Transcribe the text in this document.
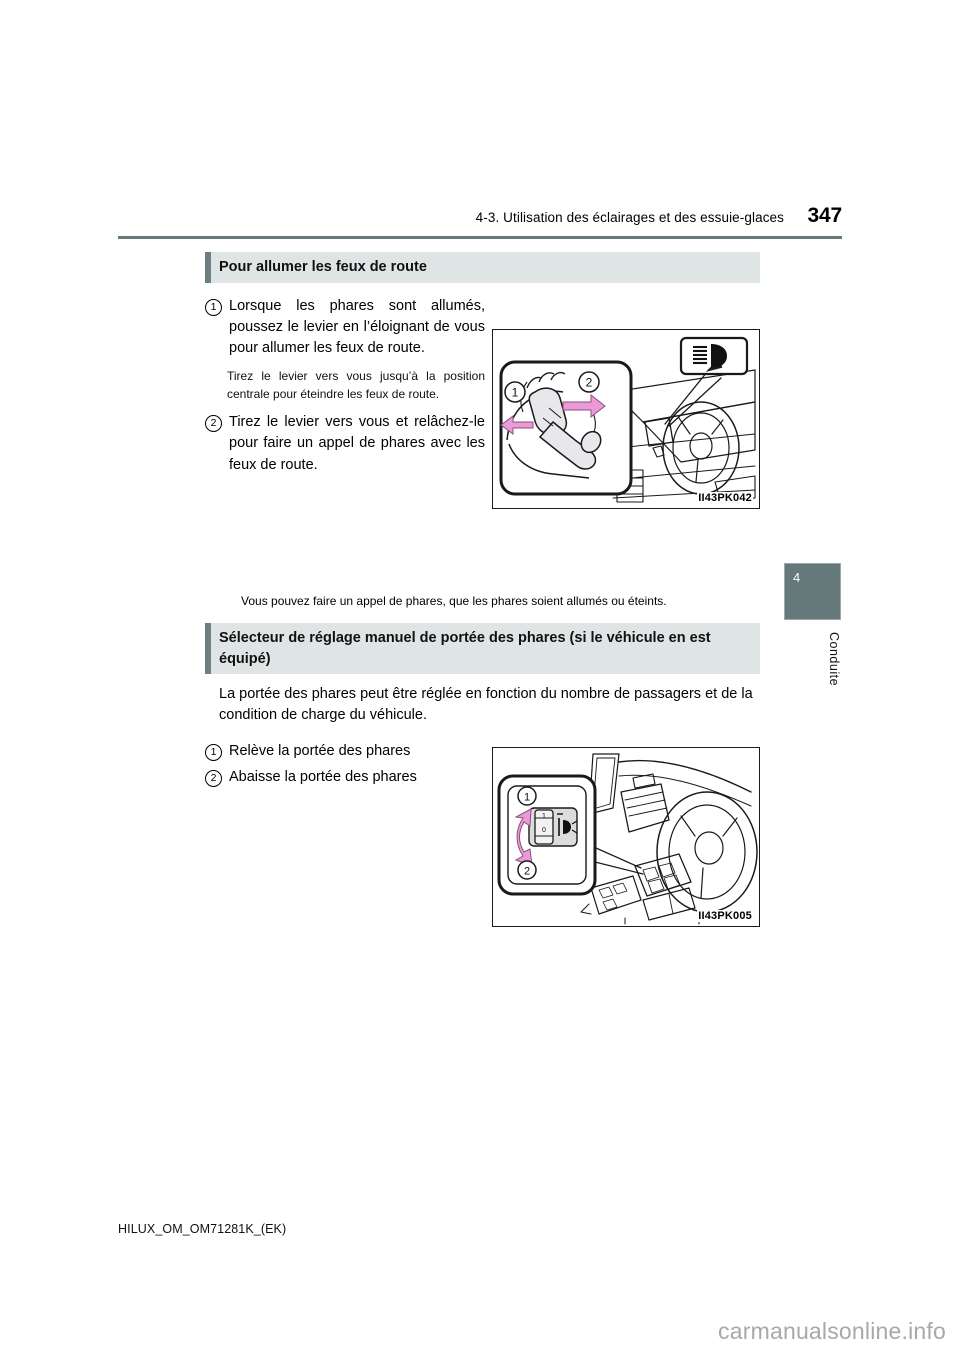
4-3. Utilisation des éclairages et des essuie-glaces 347
4
Conduite
Pour allumer les feux de route
1 Lorsque les phares sont allumés, poussez le levier en l’éloignant de vous pour allumer les feux de route.
Tirez le levier vers vous jusqu’à la position centrale pour éteindre les feux de route.
2 Tirez le levier vers vous et relâchez-le pour faire un appel de phares avec les feux de route.
1
2
II43PK042
Vous pouvez faire un appel de phares, que les phares soient allumés ou éteints.
Sélecteur de réglage manuel de portée des phares (si le véhicule en est équipé)
La portée des phares peut être réglée en fonction du nombre de passagers et de la condition de charge du véhicule.
1 Relève la portée des phares
2 Abaisse la portée des phares
1
0
1
2
II43PK005
HILUX_OM_OM71281K_(EK)
carmanualsonline.info
